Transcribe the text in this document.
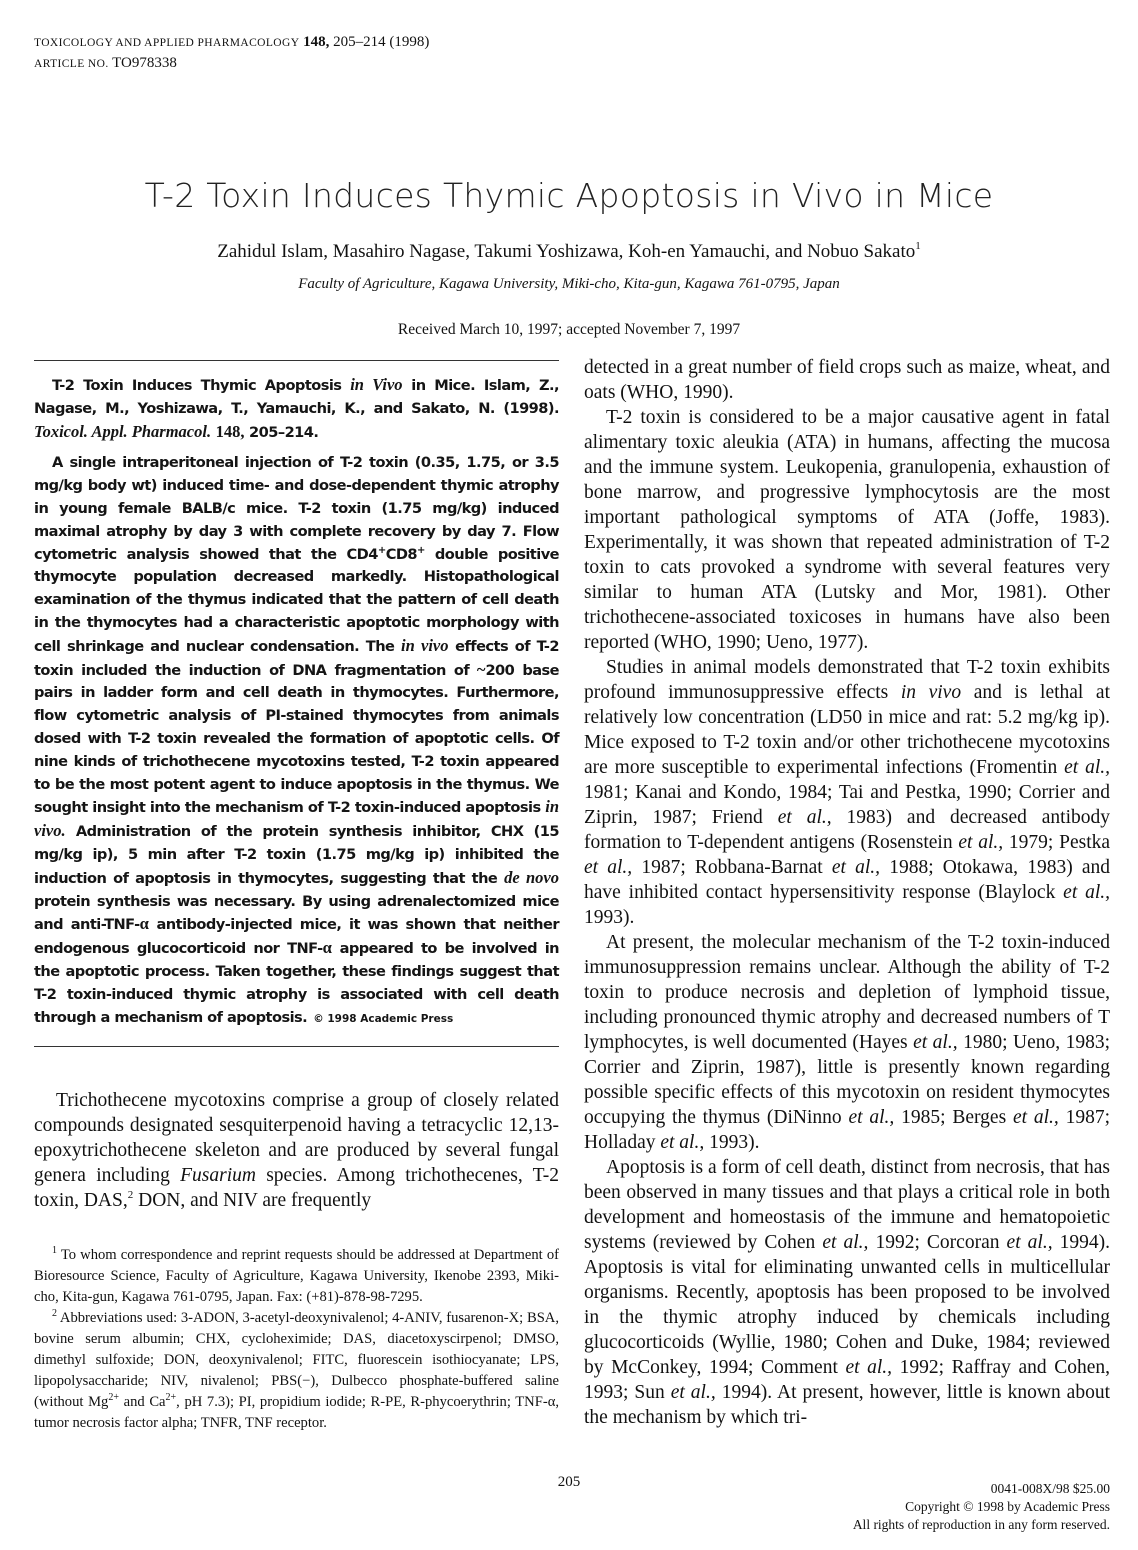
TOXICOLOGY AND APPLIED PHARMACOLOGY 148, 205–214 (1998)
ARTICLE NO. TO978338
T-2 Toxin Induces Thymic Apoptosis in Vivo in Mice
Zahidul Islam, Masahiro Nagase, Takumi Yoshizawa, Koh-en Yamauchi, and Nobuo Sakato$^1$
Faculty of Agriculture, Kagawa University, Miki-cho, Kita-gun, Kagawa 761-0795, Japan
Received March 10, 1997; accepted November 7, 1997

T-2 Toxin Induces Thymic Apoptosis in Vivo in Mice. Islam, Z., Nagase, M., Yoshizawa, T., Yamauchi, K., and Sakato, N. (1998). Toxicol. Appl. Pharmacol. 148, 205–214.

A single intraperitoneal injection of T-2 toxin (0.35, 1.75, or 3.5 mg/kg body wt) induced time- and dose-dependent thymic atrophy in young female BALB/c mice. T-2 toxin (1.75 mg/kg) induced maximal atrophy by day 3 with complete recovery by day 7. Flow cytometric analysis showed that the CD4+CD8+ double positive thymocyte population decreased markedly. Histopathological examination of the thymus indicated that the pattern of cell death in the thymocytes had a characteristic apoptotic morphology with cell shrinkage and nuclear condensation. The in vivo effects of T-2 toxin included the induction of DNA fragmentation of ~200 base pairs in ladder form and cell death in thymocytes. Furthermore, flow cytometric analysis of PI-stained thymocytes from animals dosed with T-2 toxin revealed the formation of apoptotic cells. Of nine kinds of trichothecene mycotoxins tested, T-2 toxin appeared to be the most potent agent to induce apoptosis in the thymus. We sought insight into the mechanism of T-2 toxin-induced apoptosis in vivo. Administration of the protein synthesis inhibitor, CHX (15 mg/kg ip), 5 min after T-2 toxin (1.75 mg/kg ip) inhibited the induction of apoptosis in thymocytes, suggesting that the de novo protein synthesis was necessary. By using adrenalectomized mice and anti-TNF-α antibody-injected mice, it was shown that neither endogenous glucocorticoid nor TNF-α appeared to be involved in the apoptotic process. Taken together, these findings suggest that T-2 toxin-induced thymic atrophy is associated with cell death through a mechanism of apoptosis. © 1998 Academic Press

Trichothecene mycotoxins comprise a group of closely related compounds designated sesquiterpenoid having a tetracyclic 12,13-epoxytrichothecene skeleton and are produced by several fungal genera including Fusarium species. Among trichothecenes, T-2 toxin, DAS,$^2$ DON, and NIV are frequently

$^1$ To whom correspondence and reprint requests should be addressed at Department of Bioresource Science, Faculty of Agriculture, Kagawa University, Ikenobe 2393, Miki-cho, Kita-gun, Kagawa 761-0795, Japan. Fax: (+81)-878-98-7295.

$^2$ Abbreviations used: 3-ADON, 3-acetyl-deoxynivalenol; 4-ANIV, fusarenon-X; BSA, bovine serum albumin; CHX, cycloheximide; DAS, diacetoxyscirpenol; DMSO, dimethyl sulfoxide; DON, deoxynivalenol; FITC, fluorescein isothiocyanate; LPS, lipopolysaccharide; NIV, nivalenol; PBS(−), Dulbecco phosphate-buffered saline (without $Mg^{2+}$ and $Ca^{2+}$, pH 7.3); PI, propidium iodide; R-PE, R-phycoerythrin; TNF-α, tumor necrosis factor alpha; TNFR, TNF receptor.

detected in a great number of field crops such as maize, wheat, and oats (WHO, 1990).

T-2 toxin is considered to be a major causative agent in fatal alimentary toxic aleukia (ATA) in humans, affecting the mucosa and the immune system. Leukopenia, granulopenia, exhaustion of bone marrow, and progressive lymphocytosis are the most important pathological symptoms of ATA (Joffe, 1983). Experimentally, it was shown that repeated administration of T-2 toxin to cats provoked a syndrome with several features very similar to human ATA (Lutsky and Mor, 1981). Other trichothecene-associated toxicoses in humans have also been reported (WHO, 1990; Ueno, 1977).

Studies in animal models demonstrated that T-2 toxin exhibits profound immunosuppressive effects in vivo and is lethal at relatively low concentration (LD50 in mice and rat: 5.2 mg/kg ip). Mice exposed to T-2 toxin and/or other trichothecene mycotoxins are more susceptible to experimental infections (Fromentin et al., 1981; Kanai and Kondo, 1984; Tai and Pestka, 1990; Corrier and Ziprin, 1987; Friend et al., 1983) and decreased antibody formation to T-dependent antigens (Rosenstein et al., 1979; Pestka et al., 1987; Robbana-Barnat et al., 1988; Otokawa, 1983) and have inhibited contact hypersensitivity response (Blaylock et al., 1993).

At present, the molecular mechanism of the T-2 toxin-induced immunosuppression remains unclear. Although the ability of T-2 toxin to produce necrosis and depletion of lymphoid tissue, including pronounced thymic atrophy and decreased numbers of T lymphocytes, is well documented (Hayes et al., 1980; Ueno, 1983; Corrier and Ziprin, 1987), little is presently known regarding possible specific effects of this mycotoxin on resident thymocytes occupying the thymus (DiNinno et al., 1985; Berges et al., 1987; Holladay et al., 1993).

Apoptosis is a form of cell death, distinct from necrosis, that has been observed in many tissues and that plays a critical role in both development and homeostasis of the immune and hematopoietic systems (reviewed by Cohen et al., 1992; Corcoran et al., 1994). Apoptosis is vital for eliminating unwanted cells in multicellular organisms. Recently, apoptosis has been proposed to be involved in the thymic atrophy induced by chemicals including glucocorticoids (Wyllie, 1980; Cohen and Duke, 1984; reviewed by McConkey, 1994; Comment et al., 1992; Raffray and Cohen, 1993; Sun et al., 1994). At present, however, little is known about the mechanism by which tri-

205	0041-008X/98 $25.00
Copyright © 1998 by Academic Press
All rights of reproduction in any form reserved.
